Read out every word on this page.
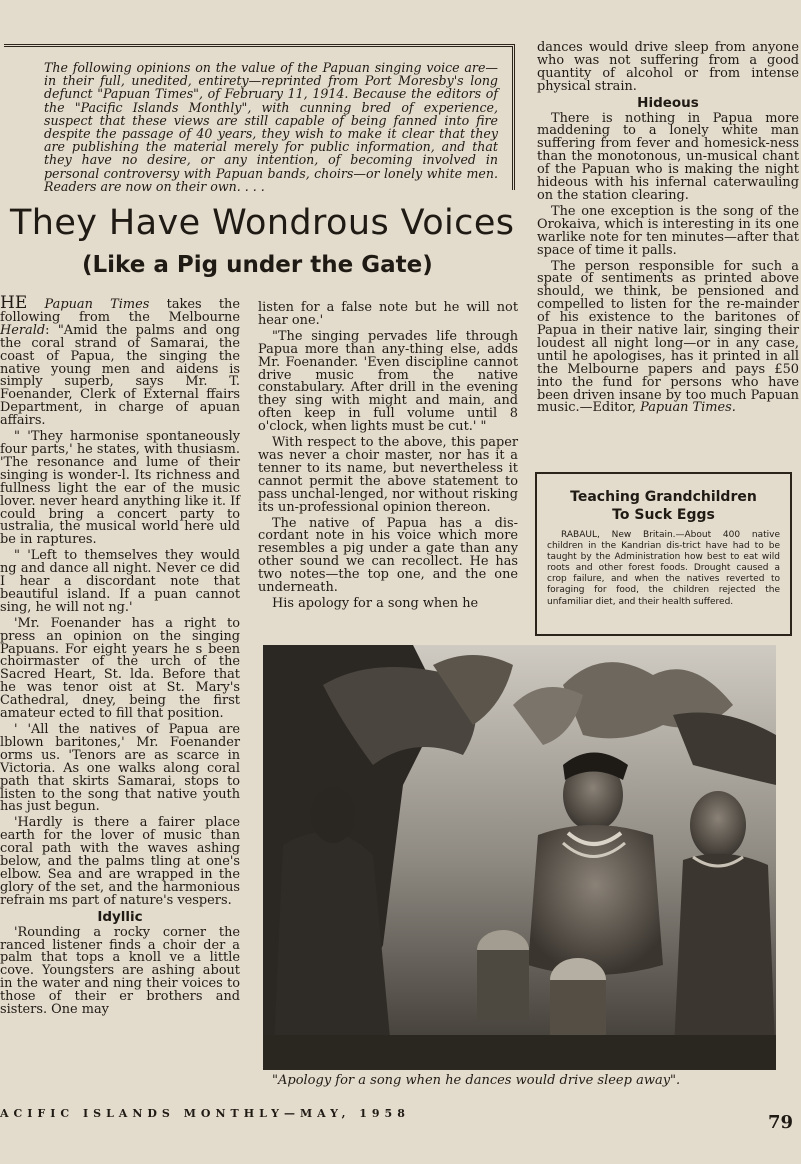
The following opinions on the value of the Papuan singing voice are—in their full, unedited, entirety—reprinted from Port Moresby's long defunct "Papuan Times", of February 11, 1914. Because the editors of the "Pacific Islands Monthly", with cunning bred of experience, suspect that these views are still capable of being fanned into fire despite the passage of 40 years, they wish to make it clear that they are publishing the material merely for public information, and that they have no desire, or any intention, of becoming involved in personal controversy with Papuan bands, choirs—or lonely white men. Readers are now on their own. . . .

They Have Wondrous Voices
(Like a Pig under the Gate)

HE Papuan Times takes the following from the Melbourne Herald: "Amid the palms and ong the coral strand of Samarai, the coast of Papua, the singing the native young men and aidens is simply superb, says Mr. T. Foenander, Clerk of External ffairs Department, in charge of apuan affairs.

" 'They harmonise spontaneously four parts,' he states, with thusiasm. 'The resonance and lume of their singing is wonder-l. Its richness and fullness light the ear of the music lover. never heard anything like it. If could bring a concert party to ustralia, the musical world here uld be in raptures.

" 'Left to themselves they would ng and dance all night. Never ce did I hear a discordant note that beautiful island. If a puan cannot sing, he will not ng.'

'Mr. Foenander has a right to press an opinion on the singing Papuans. For eight years he s been choirmaster of the urch of the Sacred Heart, St. lda. Before that he was tenor oist at St. Mary's Cathedral, dney, being the first amateur ected to fill that position.

' 'All the natives of Papua are lblown baritones,' Mr. Foenander orms us. 'Tenors are as scarce in Victoria. As one walks along coral path that skirts Samarai, stops to listen to the song that native youth has just begun.

'Hardly is there a fairer place earth for the lover of music than coral path with the waves ashing below, and the palms tling at one's elbow. Sea and are wrapped in the glory of the set, and the harmonious refrain ms part of nature's vespers.

Idyllic

'Rounding a rocky corner the ranced listener finds a choir der a palm that tops a knoll ve a little cove. Youngsters are ashing about in the water and ning their voices to those of their er brothers and sisters. One may

listen for a false note but he will not hear one.'

"The singing pervades life through Papua more than any-thing else, adds Mr. Foenander. 'Even discipline cannot drive music from the native constabulary. After drill in the evening they sing with might and main, and often keep in full volume until 8 o'clock, when lights must be cut.' "

With respect to the above, this paper was never a choir master, nor has it a tenner to its name, but nevertheless it cannot permit the above statement to pass unchal-lenged, nor without risking its un-professional opinion thereon.

The native of Papua has a dis-cordant note in his voice which more resembles a pig under a gate than any other sound we can recollect. He has two notes—the top one, and the one underneath.

His apology for a song when he

dances would drive sleep from anyone who was not suffering from a good quantity of alcohol or from intense physical strain.

Hideous

There is nothing in Papua more maddening to a lonely white man suffering from fever and homesick-ness than the monotonous, un-musical chant of the Papuan who is making the night hideous with his infernal caterwauling on the station clearing.

The one exception is the song of the Orokaiva, which is interesting in its one warlike note for ten minutes—after that space of time it palls.

The person responsible for such a spate of sentiments as printed above should, we think, be pensioned and compelled to listen for the re-mainder of his existence to the baritones of Papua in their native lair, singing their loudest all night long—or in any case, until he apologises, has it printed in all the Melbourne papers and pays £50 into the fund for persons who have been driven insane by too much Papuan music.—Editor, Papuan Times.

Teaching Grandchildren
To Suck Eggs

RABAUL, New Britain.—About 400 native children in the Kandrian dis-trict have had to be taught by the Administration how best to eat wild roots and other forest foods. Drought caused a crop failure, and when the natives reverted to foraging for food, the children rejected the unfamiliar diet, and their health suffered.

"Apology for a song when he dances would drive sleep away".
ACIFIC ISLANDS MONTHLY—MAY, 1958	79
